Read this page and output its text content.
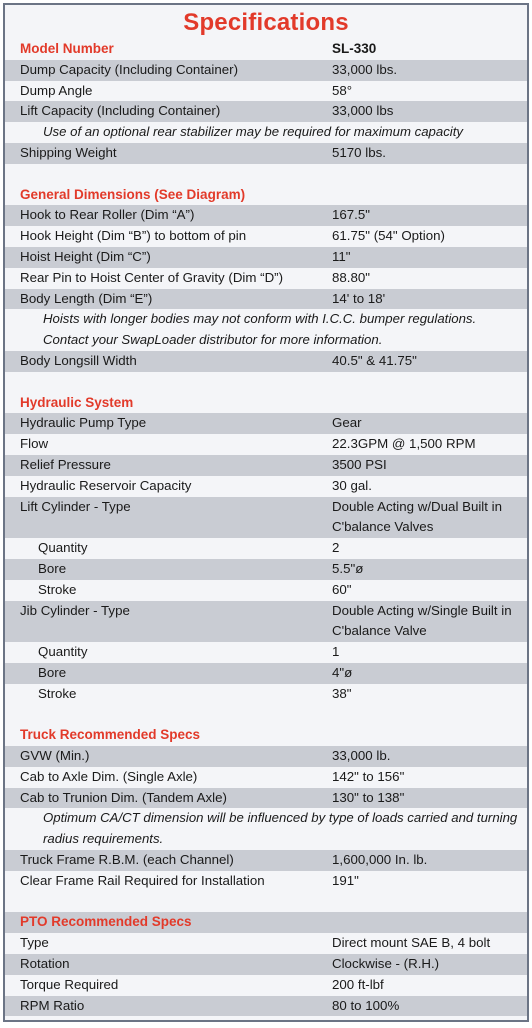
Specifications
Model Number	SL-330
Dump Capacity (Including Container)	33,000 lbs.
Dump Angle	58°
Lift Capacity (Including Container)	33,000 lbs
Use of an optional rear stabilizer may be required for maximum capacity
Shipping Weight	5170 lbs.
General Dimensions (See Diagram)
Hook to Rear Roller (Dim “A”)	167.5"
Hook Height (Dim “B”) to bottom of pin	61.75" (54" Option)
Hoist Height (Dim “C”)	11"
Rear Pin to Hoist Center of Gravity (Dim “D”)	88.80"
Body Length (Dim “E”)	14' to 18'
Hoists with longer bodies may not conform with I.C.C. bumper regulations. Contact your SwapLoader distributor for more information.
Body Longsill Width	40.5" & 41.75"
Hydraulic System
Hydraulic Pump Type	Gear
Flow	22.3GPM @ 1,500 RPM
Relief Pressure	3500 PSI
Hydraulic Reservoir Capacity	30 gal.
Lift Cylinder - Type	Double Acting w/Dual Built in C'balance Valves
Quantity	2
Bore	5.5"ø
Stroke	60"
Jib Cylinder - Type	Double Acting w/Single Built in C'balance Valve
Quantity	1
Bore	4"ø
Stroke	38"
Truck Recommended Specs
GVW (Min.)	33,000 lb.
Cab to Axle Dim. (Single Axle)	142" to 156"
Cab to Trunion Dim. (Tandem Axle)	130" to 138"
Optimum CA/CT dimension will be influenced by type of loads carried and turning radius requirements.
Truck Frame R.B.M. (each Channel)	1,600,000 In. lb.
Clear Frame Rail Required for Installation	191"
PTO Recommended Specs
Type	Direct mount SAE B, 4 bolt
Rotation	Clockwise - (R.H.)
Torque Required	200 ft-lbf
RPM Ratio	80 to 100%
